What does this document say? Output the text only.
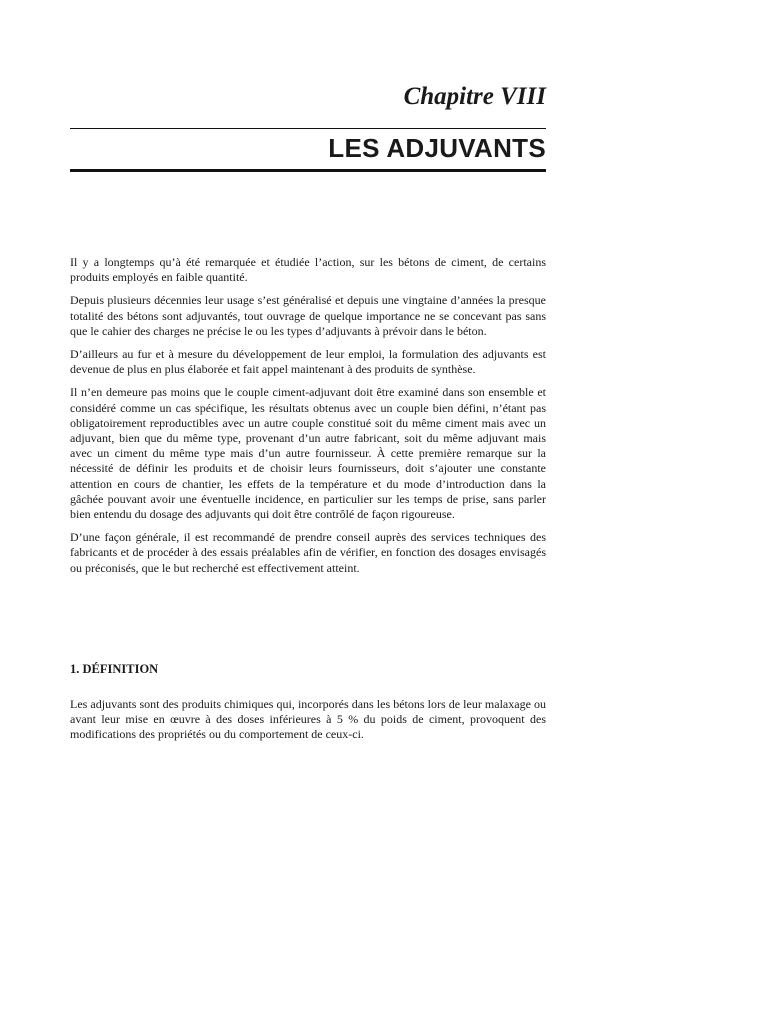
Chapitre VIII
LES ADJUVANTS

Il y a longtemps qu’à été remarquée et étudiée l’action, sur les bétons de ciment, de certains produits employés en faible quantité.

Depuis plusieurs décennies leur usage s’est généralisé et depuis une vingtaine d’années la presque totalité des bétons sont adjuvantés, tout ouvrage de quelque importance ne se concevant pas sans que le cahier des charges ne précise le ou les types d’adjuvants à prévoir dans le béton.

D’ailleurs au fur et à mesure du développement de leur emploi, la formulation des adjuvants est devenue de plus en plus élaborée et fait appel maintenant à des produits de synthèse.

Il n’en demeure pas moins que le couple ciment-adjuvant doit être examiné dans son ensemble et considéré comme un cas spécifique, les résultats obtenus avec un couple bien défini, n’étant pas obligatoirement reproductibles avec un autre couple constitué soit du même ciment mais avec un adjuvant, bien que du même type, provenant d’un autre fabricant, soit du même adjuvant mais avec un ciment du même type mais d’un autre fournisseur. À cette première remarque sur la nécessité de définir les produits et de choisir leurs fournisseurs, doit s’ajouter une constante attention en cours de chantier, les effets de la température et du mode d’introduction dans la gâchée pouvant avoir une éventuelle incidence, en particulier sur les temps de prise, sans parler bien entendu du dosage des adjuvants qui doit être contrôlé de façon rigoureuse.

D’une façon générale, il est recommandé de prendre conseil auprès des services techniques des fabricants et de procéder à des essais préalables afin de vérifier, en fonction des dosages envisagés ou préconisés, que le but recherché est effectivement atteint.

1. DÉFINITION

Les adjuvants sont des produits chimiques qui, incorporés dans les bétons lors de leur malaxage ou avant leur mise en œuvre à des doses inférieures à 5 % du poids de ciment, provoquent des modifications des propriétés ou du comportement de ceux-ci.
